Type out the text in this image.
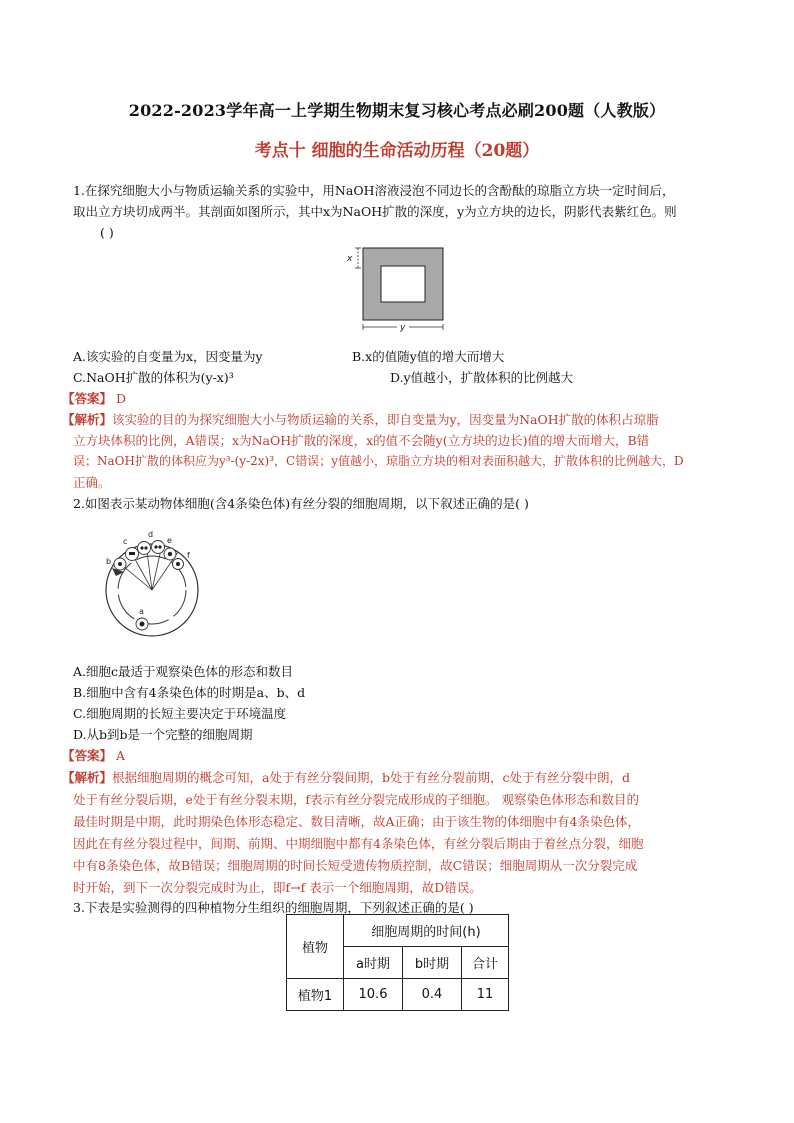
2022-2023学年高一上学期生物期末复习核心考点必刷200题（人教版）
考点十 细胞的生命活动历程（20题）
1.在探究细胞大小与物质运输关系的实验中，用NaOH溶液浸泡不同边长的含酚酞的琼脂立方块一定时间后，
取出立方块切成两半。其剖面如图所示，其中x为NaOH扩散的深度，y为立方块的边长，阴影代表紫红色。则
( )
x
y
A.该实验的自变量为x，因变量为y	B.x的值随y值的增大而增大
C.NaOH扩散的体积为(y-x)³	D.y值越小，扩散体积的比例越大
【答案】 D
【解析】该实验的目的为探究细胞大小与物质运输的关系，即自变量为y，因变量为NaOH扩散的体积占琼脂
立方块体积的比例，A错误；x为NaOH扩散的深度，x的值不会随y(立方块的边长)值的增大而增大，B错
误；NaOH扩散的体积应为y³-(y-2x)³，C错误；y值越小，琼脂立方块的相对表面积越大，扩散体积的比例越大，D
正确。
2.如图表示某动物体细胞(含4条染色体)有丝分裂的细胞周期，以下叙述正确的是( )
b
c
d
e
f
a
A.细胞c最适于观察染色体的形态和数目
B.细胞中含有4条染色体的时期是a、b、d
C.细胞周期的长短主要决定于环境温度
D.从b到b是一个完整的细胞周期
【答案】 A
【解析】根据细胞周期的概念可知，a处于有丝分裂间期，b处于有丝分裂前期，c处于有丝分裂中朗，d
处于有丝分裂后期，e处于有丝分裂末期，f表示有丝分裂完成形成的子细胞。 观察染色体形态和数目的
最佳时期是中期，此时期染色体形态稳定、数目清晰，故A正确；由于该生物的体细胞中有4条染色体，
因此在有丝分裂过程中，间期、前期、中期细胞中都有4条染色体，有丝分裂后期由于着丝点分裂，细胞
中有8条染色体，故B错误；细胞周期的时间长短受遗传物质控制，故C错误；细胞周期从一次分裂完成
时开始，到下一次分裂完成时为止，即f→f 表示一个细胞周期，故D错误。
3.下表是实验测得的四种植物分生组织的细胞周期，下列叙述正确的是( )
植物	细胞周期的时间(h)		
	a时期	b时期	合计
植物1	10.6	0.4	11
